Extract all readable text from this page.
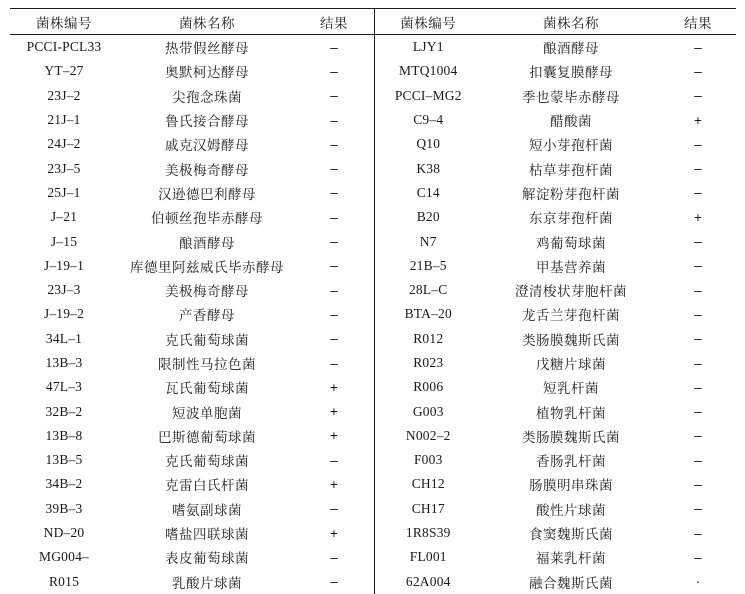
菌株编号	菌株名称	结果		菌株编号	菌株名称	结果
PCCI-PCL33	热带假丝酵母	–		LJY1	酿酒酵母	–
YT–27	奥默柯达酵母	–		MTQ1004	扣囊复膜酵母	–
23J–2	尖孢念珠菌	–		PCCI–MG2	季也蒙毕赤酵母	–
21J–1	鲁氏接合酵母	–		C9–4	醋酸菌	+
24J–2	戚克汉姆酵母	–		Q10	短小芽孢杆菌	–
23J–5	美极梅奇酵母	–		K38	枯草芽孢杆菌	–
25J–1	汉逊德巴利酵母	–		C14	解淀粉芽孢杆菌	–
J–21	伯顿丝孢毕赤酵母	–		B20	东京芽孢杆菌	+
J–15	酿酒酵母	–		N7	鸡葡萄球菌	–
J–19–1	库德里阿兹威氏毕赤酵母	–		21B–5	甲基营养菌	–
23J–3	美极梅奇酵母	–		28L–C	澄清梭状芽胞杆菌	–
J–19–2	产香酵母	–		BTA–20	龙舌兰芽孢杆菌	–
34L–1	克氏葡萄球菌	–		R012	类肠膜魏斯氏菌	–
13B–3	限制性马拉色菌	–		R023	戊糖片球菌	–
47L–3	瓦氏葡萄球菌	+		R006	短乳杆菌	–
32B–2	短波单胞菌	+		G003	植物乳杆菌	–
13B–8	巴斯德葡萄球菌	+		N002–2	类肠膜魏斯氏菌	–
13B–5	克氏葡萄球菌	–		F003	香肠乳杆菌	–
34B–2	克雷白氏杆菌	+		CH12	肠膜明串珠菌	–
39B–3	嗜氨副球菌	–		CH17	酸性片球菌	–
ND–20	嗜盐四联球菌	+		1R8S39	食窦魏斯氏菌	–
MG004–	表皮葡萄球菌	–		FL001	福莱乳杆菌	–
R015	乳酸片球菌	–		62A004	融合魏斯氏菌	·
